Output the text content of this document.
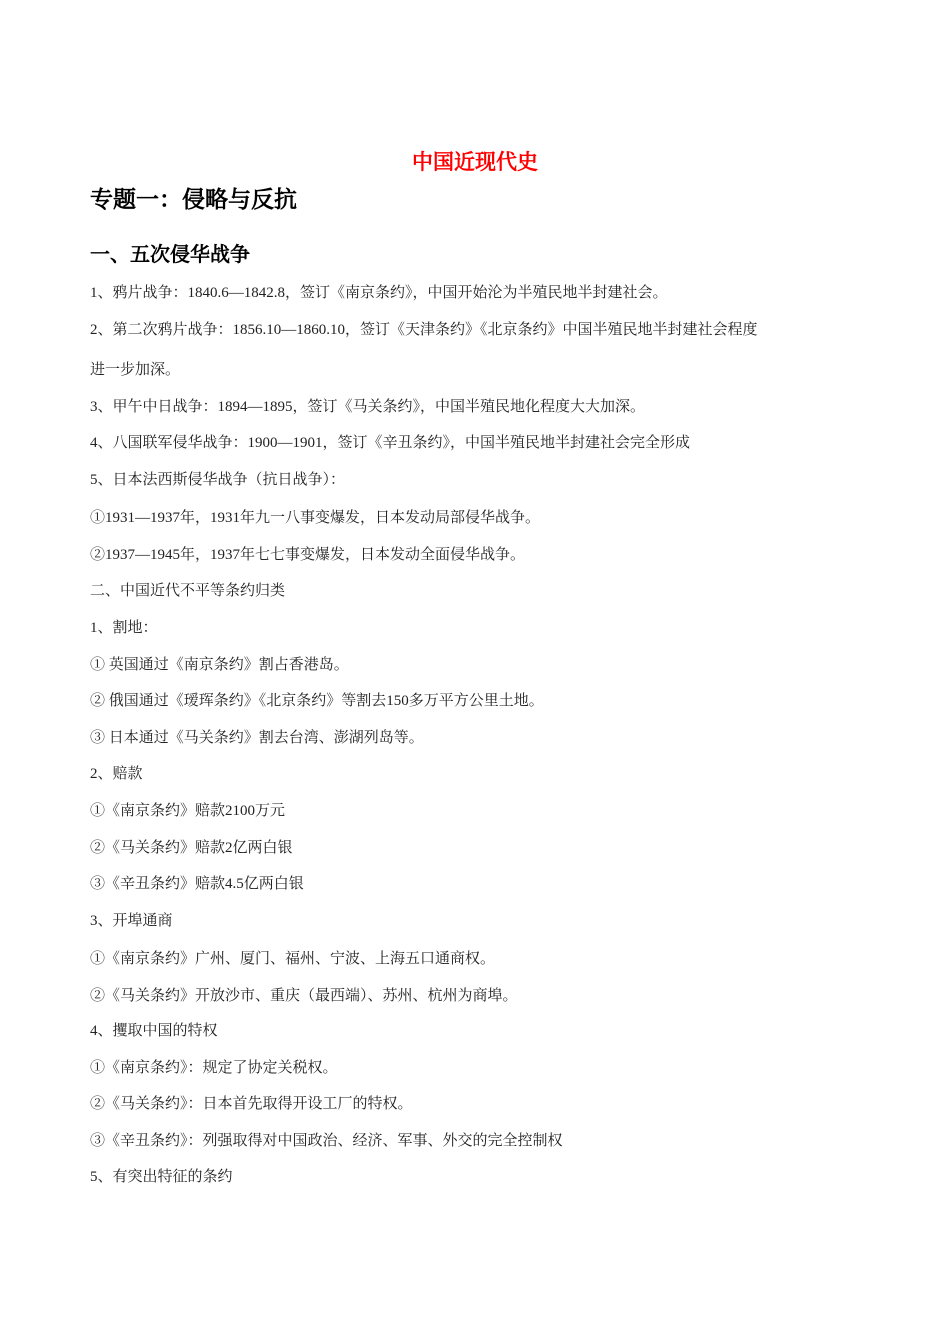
中国近现代史
专题一：侵略与反抗
一、五次侵华战争
1、鸦片战争：1840.6—1842.8，签订《南京条约》，中国开始沦为半殖民地半封建社会。
2、第二次鸦片战争：1856.10—1860.10，签订《天津条约》《北京条约》中国半殖民地半封建社会程度
进一步加深。
3、甲午中日战争：1894—1895，签订《马关条约》，中国半殖民地化程度大大加深。
4、八国联军侵华战争：1900—1901，签订《辛丑条约》，中国半殖民地半封建社会完全形成
5、日本法西斯侵华战争（抗日战争）：
①1931—1937年，1931年九一八事变爆发，日本发动局部侵华战争。
②1937—1945年，1937年七七事变爆发，日本发动全面侵华战争。
二、中国近代不平等条约归类
1、割地：
① 英国通过《南京条约》割占香港岛。
② 俄国通过《瑷珲条约》《北京条约》等割去150多万平方公里土地。
③ 日本通过《马关条约》割去台湾、澎湖列岛等。
2、赔款
①《南京条约》赔款2100万元
②《马关条约》赔款2亿两白银
③《辛丑条约》赔款4.5亿两白银
3、开埠通商
①《南京条约》广州、厦门、福州、宁波、上海五口通商权。
②《马关条约》开放沙市、重庆（最西端）、苏州、杭州为商埠。
4、攫取中国的特权
①《南京条约》：规定了协定关税权。
②《马关条约》：日本首先取得开设工厂的特权。
③《辛丑条约》：列强取得对中国政治、经济、军事、外交的完全控制权
5、有突出特征的条约
